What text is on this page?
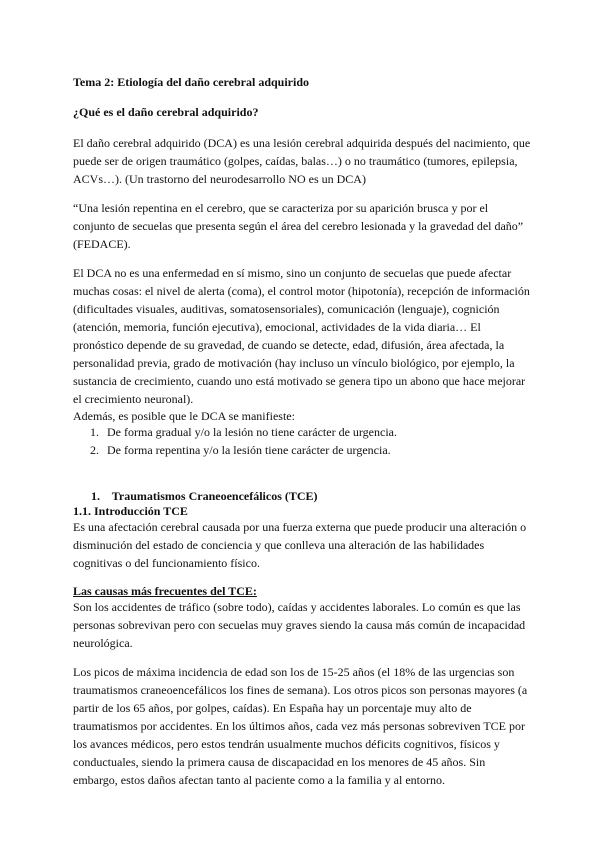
Tema 2: Etiología del daño cerebral adquirido

¿Qué es el daño cerebral adquirido?

El daño cerebral adquirido (DCA) es una lesión cerebral adquirida después del nacimiento, que puede ser de origen traumático (golpes, caídas, balas…) o no traumático (tumores, epilepsia, ACVs…). (Un trastorno del neurodesarrollo NO es un DCA)

“Una lesión repentina en el cerebro, que se caracteriza por su aparición brusca y por el conjunto de secuelas que presenta según el área del cerebro lesionada y la gravedad del daño” (FEDACE).

El DCA no es una enfermedad en sí mismo, sino un conjunto de secuelas que puede afectar muchas cosas: el nivel de alerta (coma), el control motor (hipotonía), recepción de información (dificultades visuales, auditivas, somatosensoriales), comunicación (lenguaje), cognición (atención, memoria, función ejecutiva), emocional, actividades de la vida diaria… El pronóstico depende de su gravedad, de cuando se detecte, edad, difusión, área afectada, la personalidad previa, grado de motivación (hay incluso un vínculo biológico, por ejemplo, la sustancia de crecimiento, cuando uno está motivado se genera tipo un abono que hace mejorar el crecimiento neuronal).

Además, es posible que le DCA se manifieste:

1. De forma gradual y/o la lesión no tiene carácter de urgencia.
2. De forma repentina y/o la lesión tiene carácter de urgencia.
1. Traumatismos Craneoencefálicos (TCE)

1.1. Introducción TCE

Es una afectación cerebral causada por una fuerza externa que puede producir una alteración o disminución del estado de conciencia y que conlleva una alteración de las habilidades cognitivas o del funcionamiento físico.

Las causas más frecuentes del TCE:

Son los accidentes de tráfico (sobre todo), caídas y accidentes laborales. Lo común es que las personas sobrevivan pero con secuelas muy graves siendo la causa más común de incapacidad neurológica.

Los picos de máxima incidencia de edad son los de 15-25 años (el 18% de las urgencias son traumatismos craneoencefálicos los fines de semana). Los otros picos son personas mayores (a partir de los 65 años, por golpes, caídas). En España hay un porcentaje muy alto de traumatismos por accidentes. En los últimos años, cada vez más personas sobreviven TCE por los avances médicos, pero estos tendrán usualmente muchos déficits cognitivos, físicos y conductuales, siendo la primera causa de discapacidad en los menores de 45 años. Sin embargo, estos daños afectan tanto al paciente como a la familia y al entorno.
